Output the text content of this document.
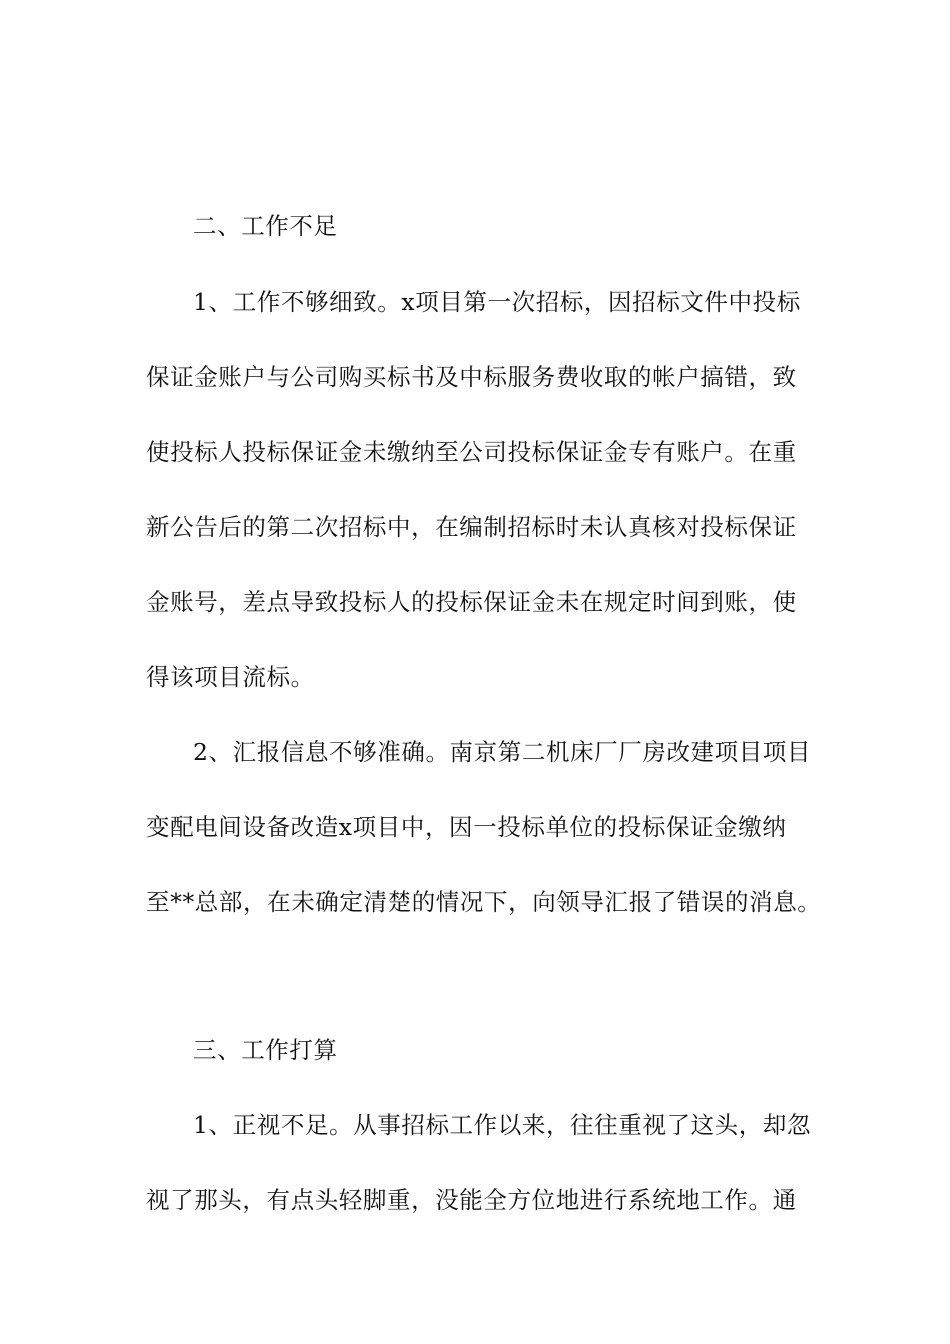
二、工作不足
1、工作不够细致。x项目第一次招标，因招标文件中投标
保证金账户与公司购买标书及中标服务费收取的帐户搞错，致
使投标人投标保证金未缴纳至公司投标保证金专有账户。在重
新公告后的第二次招标中，在编制招标时未认真核对投标保证
金账号，差点导致投标人的投标保证金未在规定时间到账，使
得该项目流标。
2、汇报信息不够准确。南京第二机床厂厂房改建项目项目
变配电间设备改造x项目中，因一投标单位的投标保证金缴纳
至**总部，在未确定清楚的情况下，向领导汇报了错误的消息。
三、工作打算
1、正视不足。从事招标工作以来，往往重视了这头，却忽
视了那头，有点头轻脚重，没能全方位地进行系统地工作。通
